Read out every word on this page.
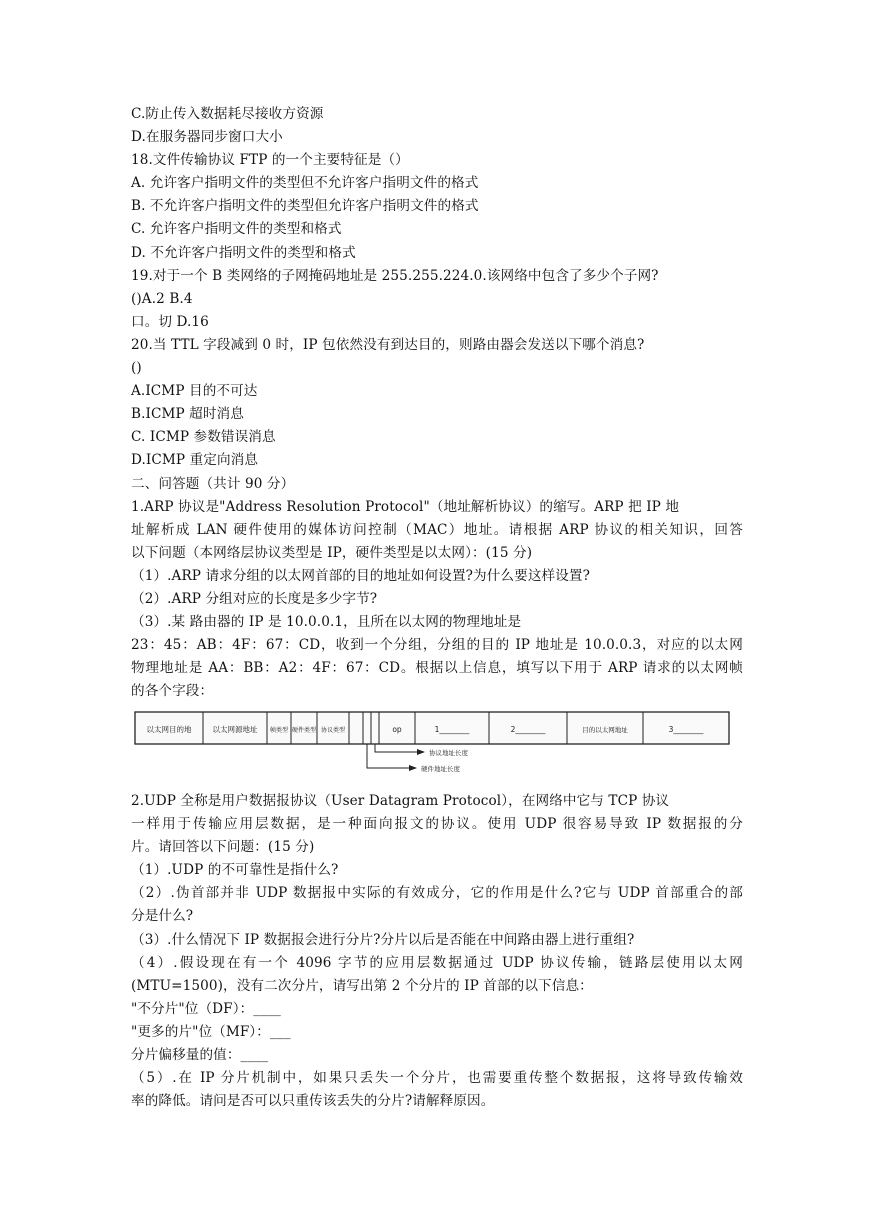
C.防止传入数据耗尽接收方资源
D.在服务器同步窗口大小
18.文件传输协议 FTP 的一个主要特征是（）
A. 允许客户指明文件的类型但不允许客户指明文件的格式
B. 不允许客户指明文件的类型但允许客户指明文件的格式
C. 允许客户指明文件的类型和格式
D. 不允许客户指明文件的类型和格式
19.对于一个 B 类网络的子网掩码地址是 255.255.224.0.该网络中包含了多少个子网?
()A.2 B.4
口。切 D.16
20.当 TTL 字段减到 0 时，IP 包依然没有到达目的，则路由器会发送以下哪个消息?
()
A.ICMP 目的不可达
B.ICMP 超时消息
C. ICMP 参数错误消息
D.ICMP 重定向消息
二、问答题（共计 90 分）
1.ARP 协议是"Address Resolution Protocol"（地址解析协议）的缩写。ARP 把 IP 地
址解析成 LAN 硬件使用的媒体访问控制（MAC）地址。请根据 ARP 协议的相关知识，回答
以下问题（本网络层协议类型是 IP，硬件类型是以太网）：(15 分)
（1）.ARP 请求分组的以太网首部的目的地址如何设置?为什么要这样设置?
（2）.ARP 分组对应的长度是多少字节?
（3）.某 路由器的 IP 是 10.0.0.1，且所在以太网的物理地址是
23：45：AB：4F：67：CD，收到一个分组，分组的目的 IP 地址是 10.0.0.3，对应的以太网
物理地址是 AA：BB：A2：4F：67：CD。根据以上信息，填写以下用于 ARP 请求的以太网帧
的各个字段：
以太网目的地	以太网源地址 帧类型 硬件类型 协议类型	op	1________	2________	目的以太网地址	3________
协议地址长度
硬件地址长度
2.UDP 全称是用户数据报协议（User Datagram Protocol），在网络中它与 TCP 协议
一样用于传输应用层数据，是一种面向报文的协议。使用 UDP 很容易导致 IP 数据报的分
片。请回答以下问题：(15 分)
（1）.UDP 的不可靠性是指什么?
（2）.伪首部并非 UDP 数据报中实际的有效成分，它的作用是什么?它与 UDP 首部重合的部
分是什么?
（3）.什么情况下 IP 数据报会进行分片?分片以后是否能在中间路由器上进行重组?
（4）.假设现在有一个 4096 字节的应用层数据通过 UDP 协议传输，链路层使用以太网
(MTU=1500)，没有二次分片，请写出第 2 个分片的 IP 首部的以下信息：
"不分片"位（DF）：____
"更多的片"位（MF）：___
分片偏移量的值：____
（5）.在 IP 分片机制中，如果只丢失一个分片，也需要重传整个数据报，这将导致传输效
率的降低。请问是否可以只重传该丢失的分片?请解释原因。
